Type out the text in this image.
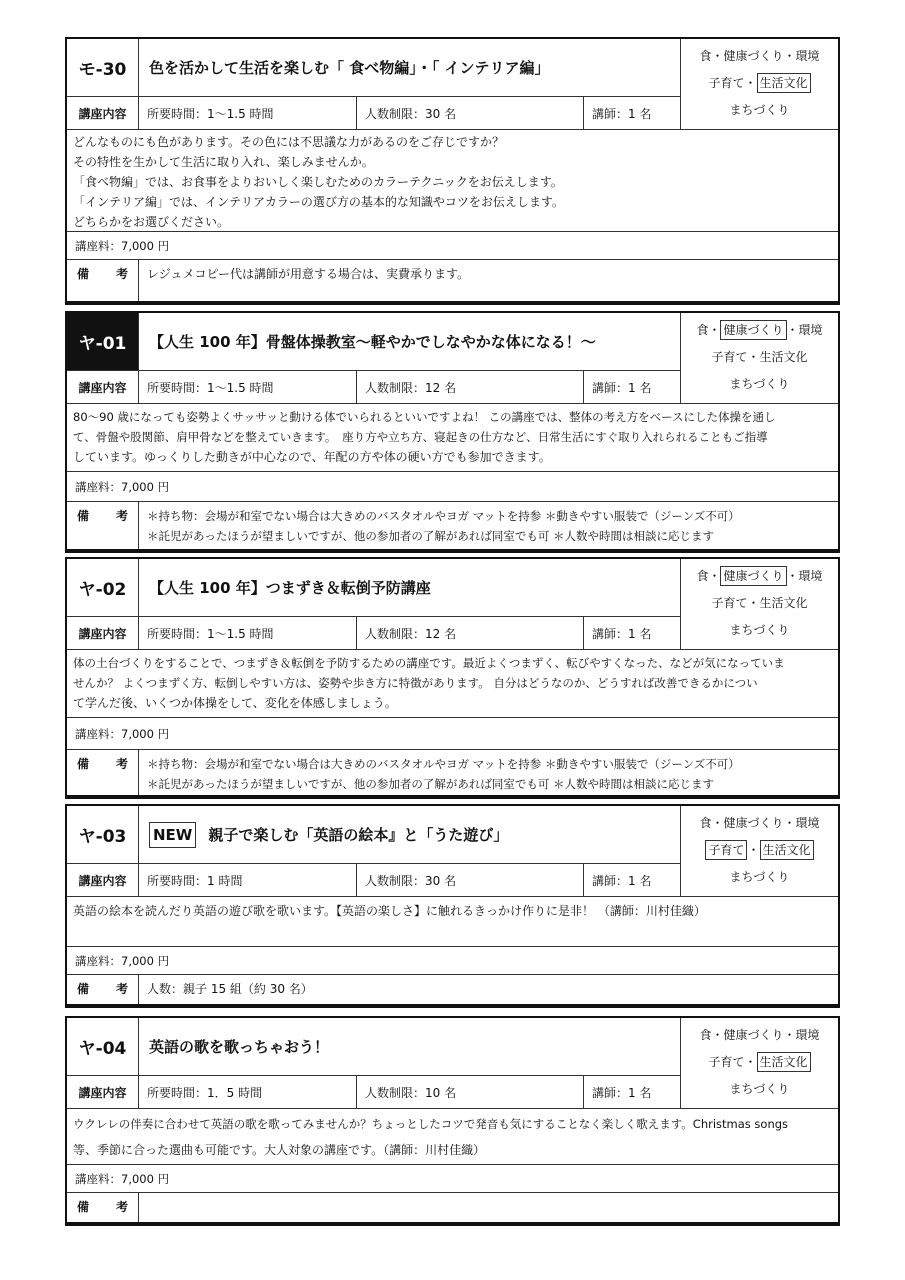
モ-30	色を活かして生活を楽しむ「 食べ物編」・「 インテリア編」
講座内容	所要時間：1～1.5 時間	人数制限：30 名	講師：1 名
食・健康づくり・環境
子育て・ 生活文化
まちづくり
どんなものにも色があります。その色には不思議な力があるのをご存じですか？
その特性を生かして生活に取り入れ、楽しみませんか。
「食べ物編」では、お食事をよりおいしく楽しむためのカラーテクニックをお伝えします。
「インテリア編」では、インテリアカラーの選び方の基本的な知識やコツをお伝えします。
どちらかをお選びください。
講座料：7,000 円
備 考 レジュメコピー代は講師が用意する場合は、実費承ります。
ヤ-01	【人生 100 年】骨盤体操教室～軽やかでしなやかな体になる！～
講座内容	所要時間：1～1.5 時間	人数制限：12 名	講師：1 名
食・ 健康づくり ・環境
子育て・生活文化
まちづくり
80～90 歳になっても姿勢よくサッサッと動ける体でいられるといいですよね！ この講座では、整体の考え方をベースにした体操を通し
て、骨盤や股関節、肩甲骨などを整えていきます。　座り方や立ち方、寝起きの仕方など、日常生活にすぐ取り入れられることもご指導
しています。ゆっくりした動きが中心なので、年配の方や体の硬い方でも参加できます。
講座料：7,000 円
備 考 ＊持ち物：会場が和室でない場合は大きめのバスタオルやヨガ マットを持参 ＊動きやすい服装で（ジーンズ不可）
＊託児があったほうが望ましいですが、他の参加者の了解があれば同室でも可 ＊人数や時間は相談に応じます
ヤ-02	【人生 100 年】つまずき＆転倒予防講座
講座内容	所要時間：1～1.5 時間	人数制限：12 名	講師：1 名
食・ 健康づくり ・環境
子育て・生活文化
まちづくり
体の土台づくりをすることで、つまずき＆転倒を予防するための講座です。最近よくつまずく、転びやすくなった、などが気になっていま
せんか？ よくつまずく方、転倒しやすい方は、姿勢や歩き方に特徴があります。 自分はどうなのか、どうすれば改善できるかについ
て学んだ後、いくつか体操をして、変化を体感しましょう。
講座料：7,000 円
備 考 ＊持ち物：会場が和室でない場合は大きめのバスタオルやヨガ マットを持参 ＊動きやすい服装で（ジーンズ不可）
＊託児があったほうが望ましいですが、他の参加者の了解があれば同室でも可 ＊人数や時間は相談に応じます
ヤ-03	NEW 親子で楽しむ「英語の絵本』と「うた遊び」
講座内容	所要時間：1 時間	人数制限：30 名	講師：1 名
食・健康づくり・環境
子育て ・ 生活文化
まちづくり
英語の絵本を読んだり英語の遊び歌を歌います。【英語の楽しさ】に触れるきっかけ作りに是非！ （講師：川村佳織）
講座料：7,000 円
備 考 人数：親子 15 組（約 30 名）
ヤ-04	英語の歌を歌っちゃおう！
講座内容	所要時間：1．5 時間	人数制限：10 名	講師：1 名
食・健康づくり・環境
子育て・ 生活文化
まちづくり
ウクレレの伴奏に合わせて英語の歌を歌ってみませんか？ちょっとしたコツで発音も気にすることなく楽しく歌えます。Christmas songs
等、季節に合った選曲も可能です。大人対象の講座です。（講師：川村佳織）
講座料：7,000 円
備 考
